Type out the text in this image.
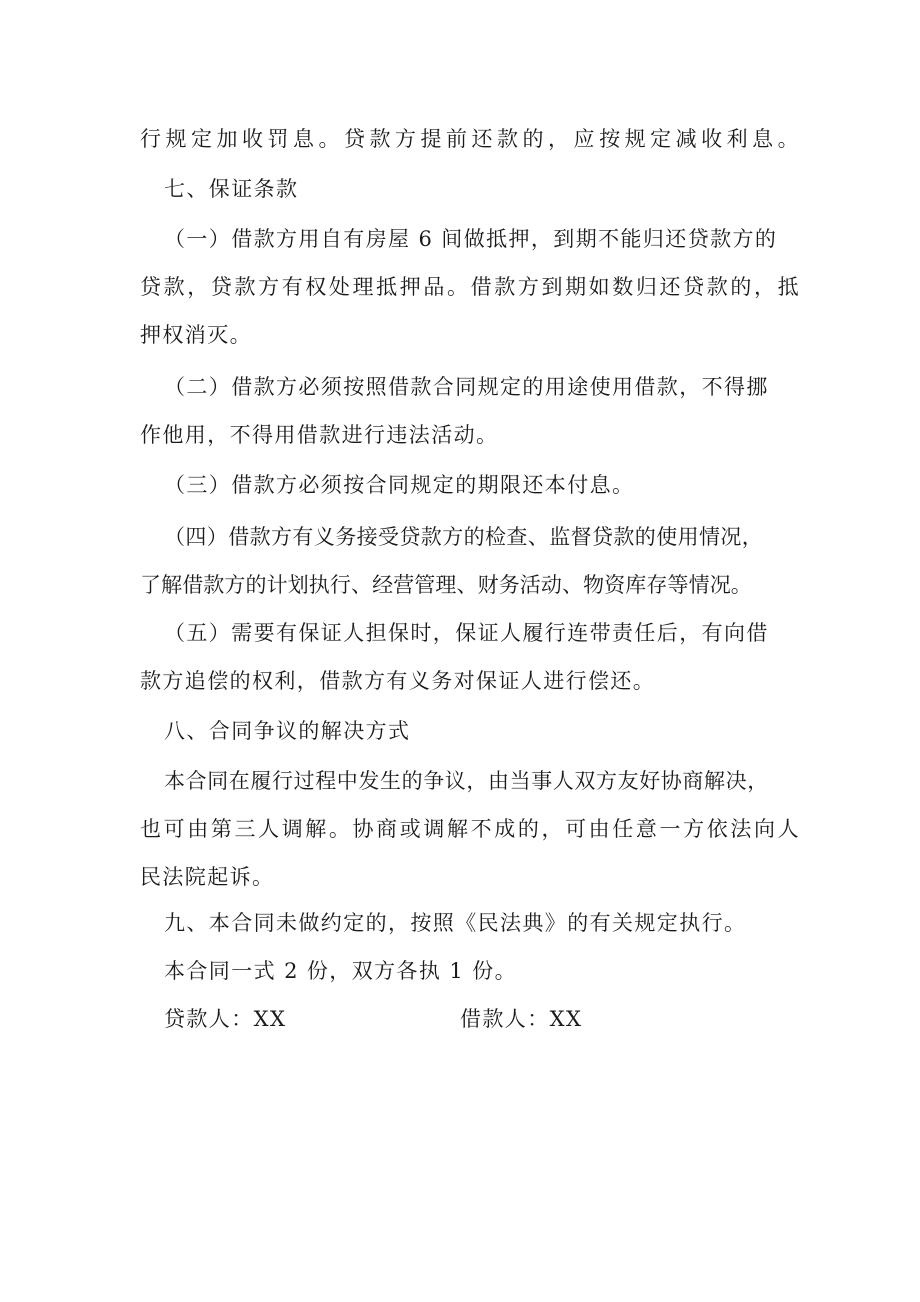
行规定加收罚息。贷款方提前还款的，应按规定减收利息。
七、保证条款
（一）借款方用自有房屋 6 间做抵押，到期不能归还贷款方的
贷款，贷款方有权处理抵押品。借款方到期如数归还贷款的，抵
押权消灭。
（二）借款方必须按照借款合同规定的用途使用借款，不得挪
作他用，不得用借款进行违法活动。
（三）借款方必须按合同规定的期限还本付息。
（四）借款方有义务接受贷款方的检查、监督贷款的使用情况，
了解借款方的计划执行、经营管理、财务活动、物资库存等情况。
（五）需要有保证人担保时，保证人履行连带责任后，有向借
款方追偿的权利，借款方有义务对保证人进行偿还。
八、合同争议的解决方式
本合同在履行过程中发生的争议，由当事人双方友好协商解决，
也可由第三人调解。协商或调解不成的，可由任意一方依法向人
民法院起诉。
九、本合同未做约定的，按照《民法典》的有关规定执行。
本合同一式 2 份，双方各执 1 份。
贷款人：XX	借款人：XX
